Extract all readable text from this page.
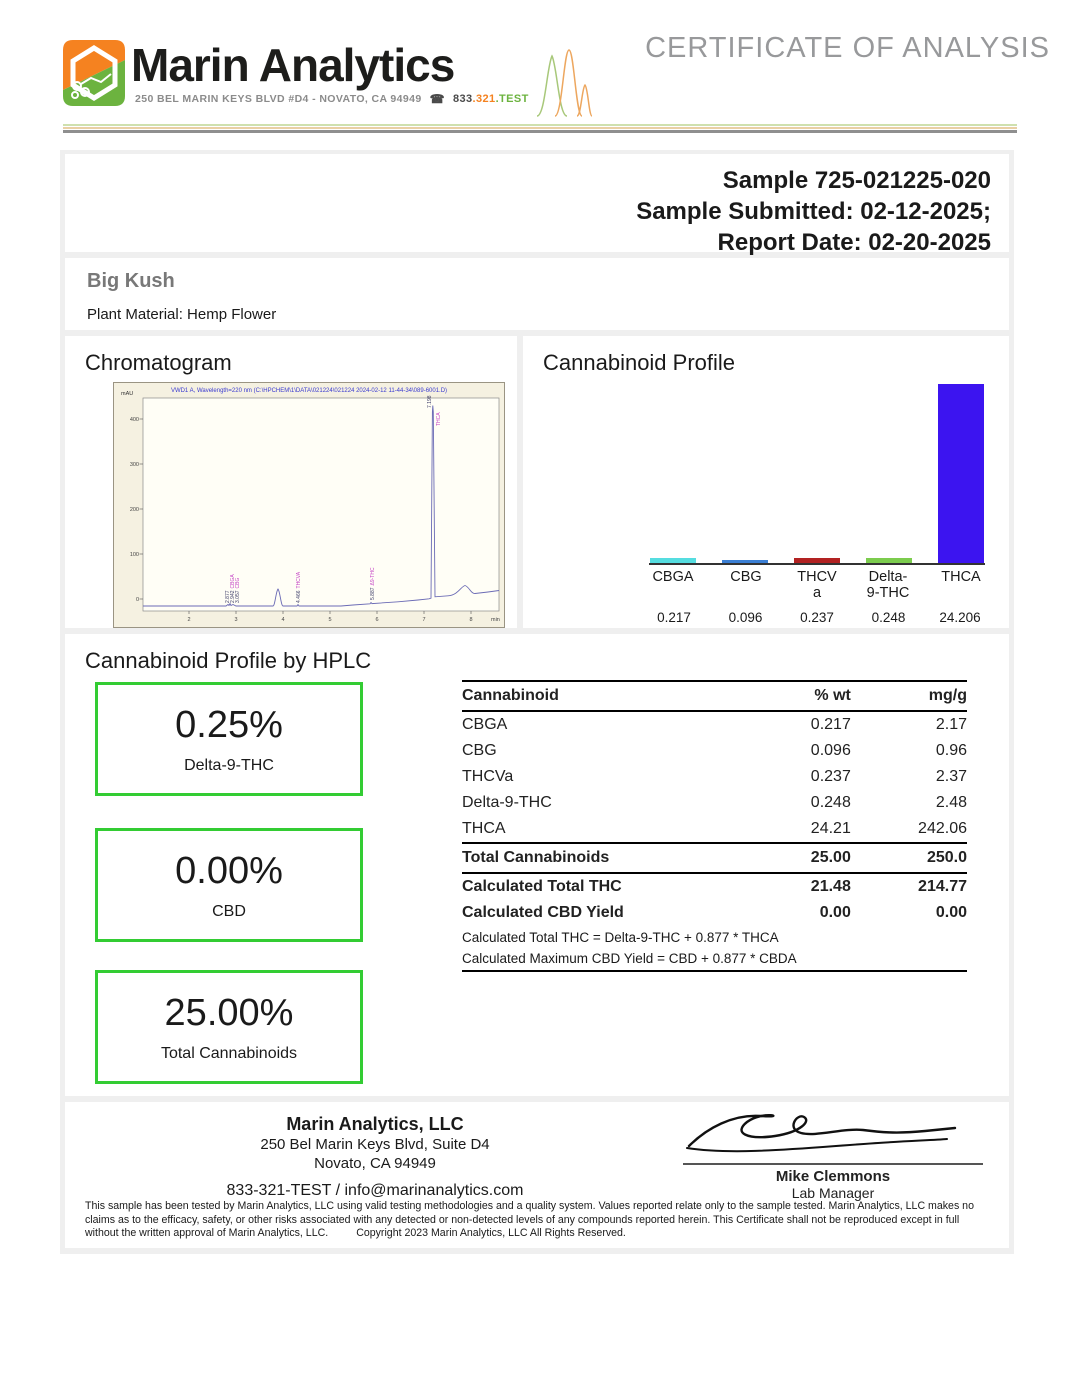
Marin Analytics
250 BEL MARIN KEYS BLVD #D4 - NOVATO, CA 94949 ☎ 833.321.TEST
CERTIFICATE OF ANALYSIS
Sample 725-021225-020
Sample Submitted: 02-12-2025;
Report Date: 02-20-2025
Big Kush
Plant Material: Hemp Flower
Chromatogram
VWD1 A, Wavelength=220 nm (C:\HPCHEM\1\DATA\021224\021224 2024-02-12 11-44-34\089-6001.D)
mAU
400
300
200
100
0
2	3	4	5	6	7	8	min
2.877 2.942CBGA
3.057CBG
4.466THCVA
5.887Δ9-THC
7.198
THCA
Cannabinoid Profile
CBGA	CBG	THCVa
Delta-9-THC
THCA
0.217	0.096	0.237	0.248	24.206
Cannabinoid Profile by HPLC
0.25%
Delta-9-THC
0.00%
CBD
25.00%
Total Cannabinoids
Cannabinoid	% wt	mg/g
CBGA	0.217	2.17
CBG	0.096	0.96
THCVa	0.237	2.37
Delta-9-THC	0.248	2.48
THCA	24.21	242.06
Total Cannabinoids	25.00	250.0
Calculated Total THC	21.48	214.77
Calculated CBD Yield	0.00	0.00
Calculated Total THC = Delta-9-THC + 0.877 * THCA
Calculated Maximum CBD Yield = CBD + 0.877 * CBDA
Marin Analytics, LLC
250 Bel Marin Keys Blvd, Suite D4
Novato, CA 94949
833-321-TEST / info@marinanalytics.com
Mike Clemmons
Lab Manager
This sample has been tested by Marin Analytics, LLC using valid testing methodologies and a quality system. Values reported relate only to the sample tested. Marin Analytics, LLC makes no claims as to the efficacy, safety, or other risks associated with any detected or non-detected levels of any compounds reported herein. This Certificate shall not be reproduced except in full without the written approval of Marin Analytics, LLC.	Copyright 2023 Marin Analytics, LLC All Rights Reserved.
